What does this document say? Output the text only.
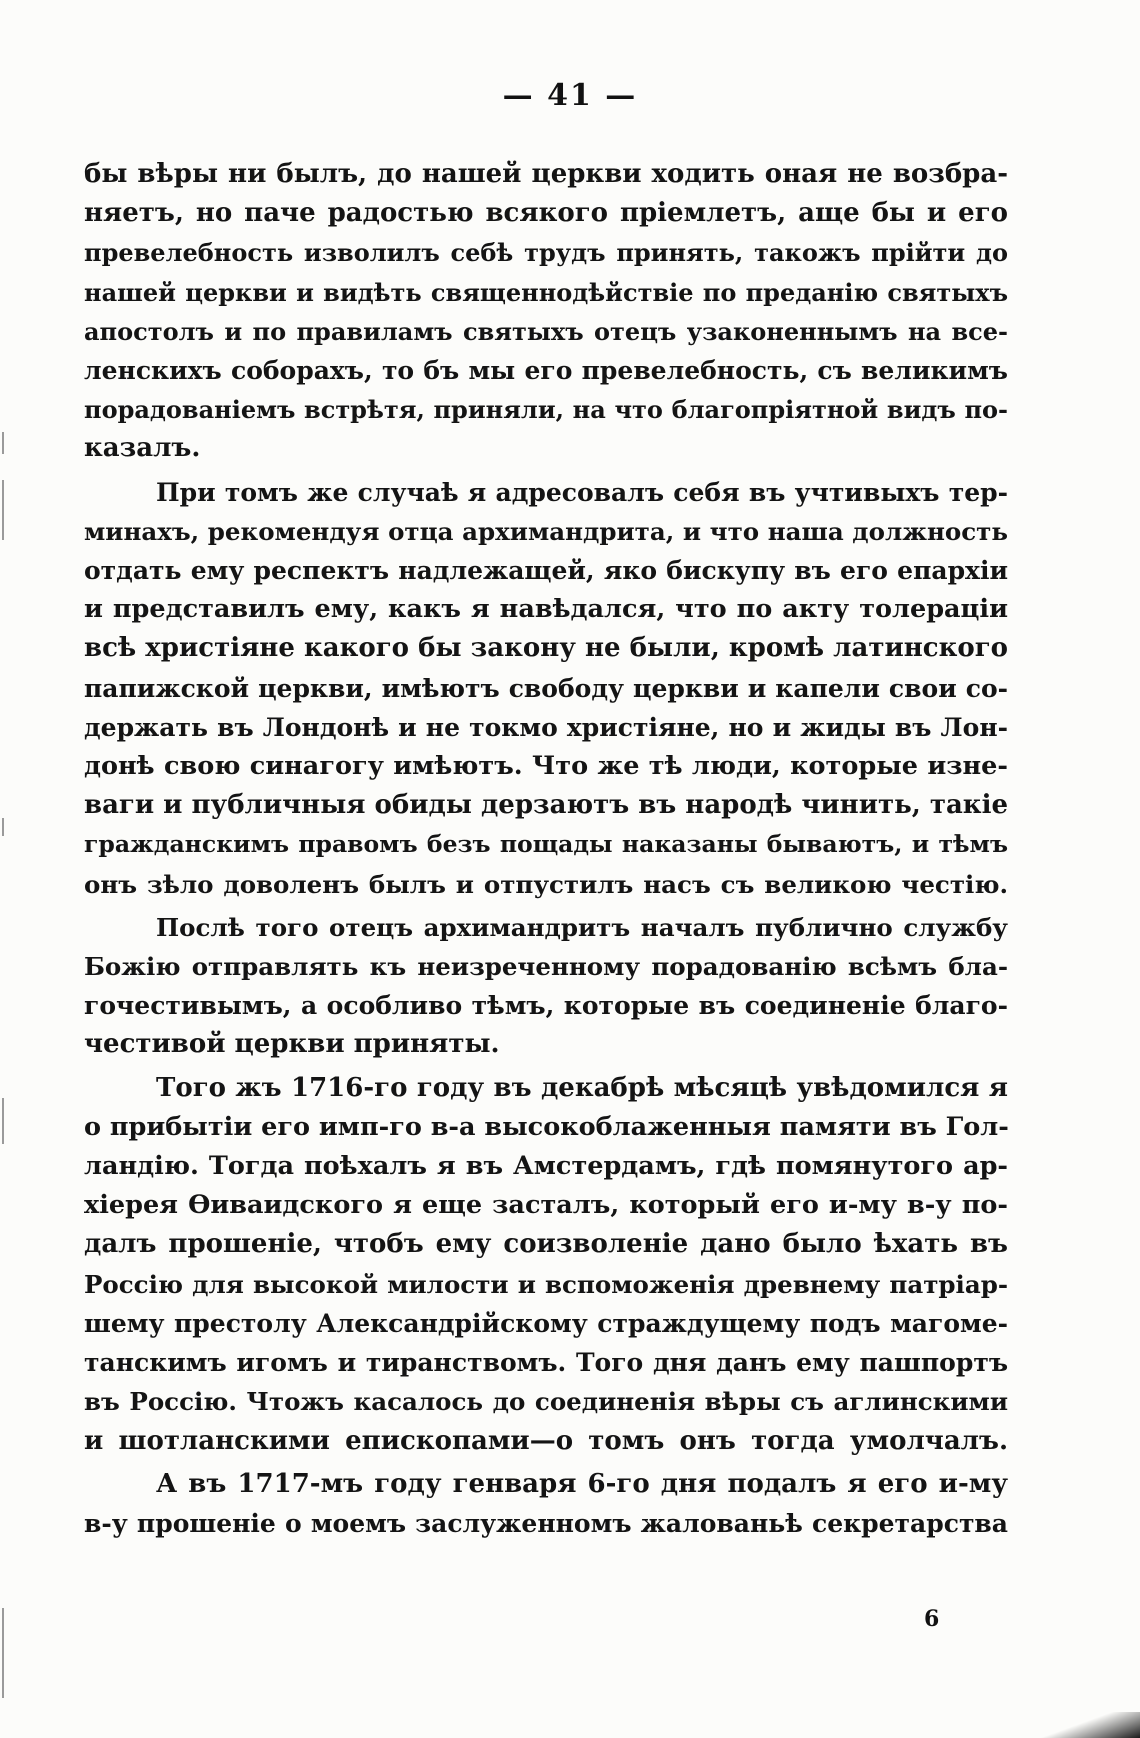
— 41 —
бы вѣры ни былъ, до нашей церкви ходить оная не возбра-
няетъ, но паче радостью всякого пріемлетъ, аще бы и его
превелебность изволилъ себѣ трудъ принять, такожъ прійти до
нашей церкви и видѣть священнодѣйствіе по преданію святыхъ
апостолъ и по правиламъ святыхъ отецъ узаконеннымъ на все-
ленскихъ соборахъ, то бъ мы его превелебность, съ великимъ
порадованіемъ встрѣтя, приняли, на что благопріятной видъ по-
казалъ.
При томъ же случаѣ я адресовалъ себя въ учтивыхъ тер-
минахъ, рекомендуя отца архимандрита, и что наша должность
отдать ему респектъ надлежащей, яко бискупу въ его епархіи
и представилъ ему, какъ я навѣдался, что по акту толераціи
всѣ христіяне какого бы закону не были, кромѣ латинского
папижской церкви, имѣютъ свободу церкви и капели свои со-
держать въ Лондонѣ и не токмо христіяне, но и жиды въ Лон-
донѣ свою синагогу имѣютъ. Что же тѣ люди, которые изне-
ваги и публичныя обиды дерзаютъ въ народѣ чинить, такіе
гражданскимъ правомъ безъ пощады наказаны бываютъ, и тѣмъ
онъ зѣло доволенъ былъ и отпустилъ насъ съ великою честію.
Послѣ того отецъ архимандритъ началъ публично службу
Божію отправлять къ неизреченному порадованію всѣмъ бла-
гочестивымъ, а особливо тѣмъ, которые въ соединеніе благо-
честивой церкви приняты.
Того жъ 1716-го году въ декабрѣ мѣсяцѣ увѣдомился я
о прибытіи его имп-го в-а высокоблаженныя памяти въ Гол-
ландію. Тогда поѣхалъ я въ Амстердамъ, гдѣ помянутого ар-
хіерея Ѳиваидского я еще засталъ, который его и-му в-у по-
далъ прошеніе, чтобъ ему соизволеніе дано было ѣхать въ
Россію для высокой милости и вспоможенія древнему патріар-
шему престолу Александрійскому страждущему подъ магоме-
танскимъ игомъ и тиранствомъ. Того дня данъ ему пашпортъ
въ Россію. Чтожъ касалось до соединенія вѣры съ аглинскими
и шотланскими епископами—о томъ онъ тогда умолчалъ.
А въ 1717-мъ году генваря 6-го дня подалъ я его и-му
в-у прошеніе о моемъ заслуженномъ жалованьѣ секретарства
6
